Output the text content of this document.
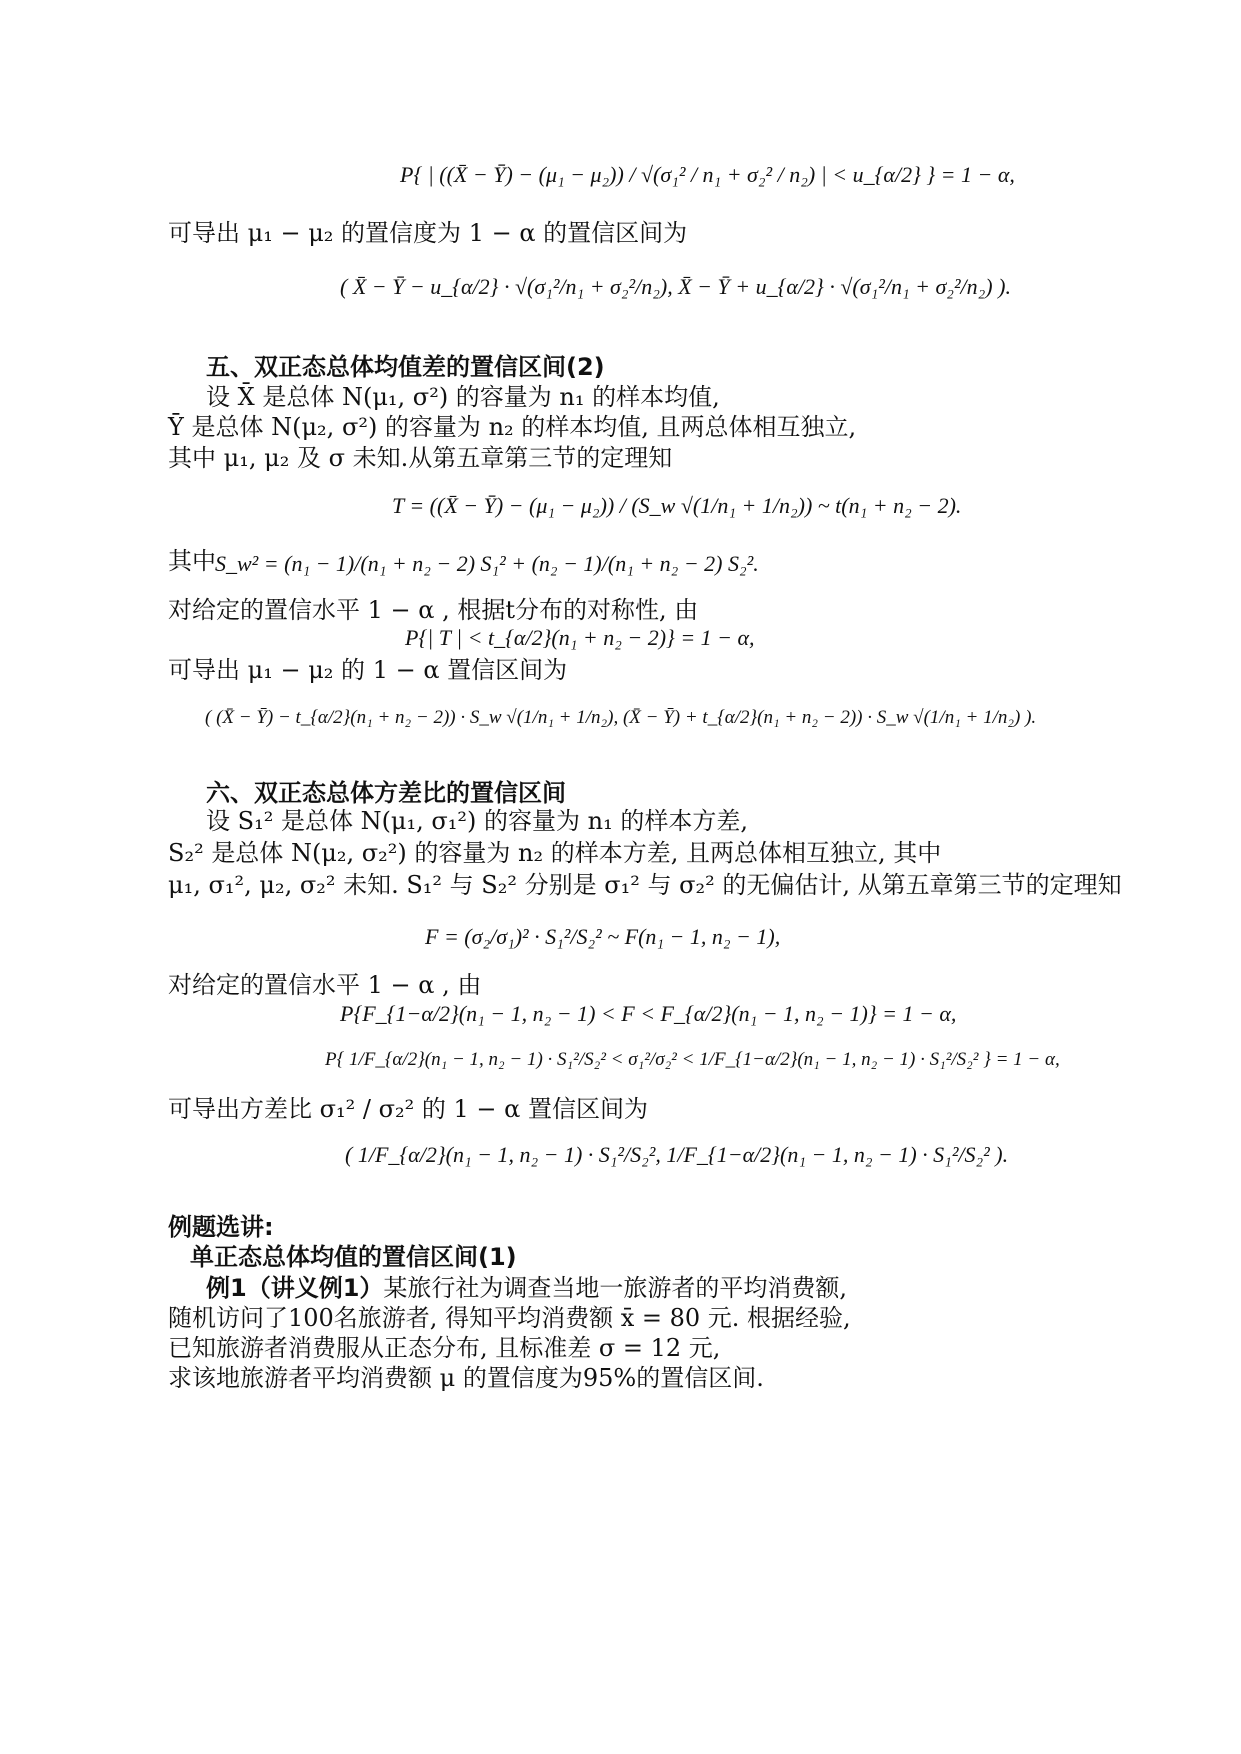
P{ | ((X̄ − Ȳ) − (μ₁ − μ₂)) / √(σ₁² / n₁ + σ₂² / n₂) | < u_{α/2} } = 1 − α,
可导出 μ₁ − μ₂ 的置信度为 1 − α 的置信区间为
( X̄ − Ȳ − u_{α/2} · √(σ₁²/n₁ + σ₂²/n₂), X̄ − Ȳ + u_{α/2} · √(σ₁²/n₁ + σ₂²/n₂) ).
五、双正态总体均值差的置信区间(2)
设 X̄ 是总体 N(μ₁, σ²) 的容量为 n₁ 的样本均值,
Ȳ 是总体 N(μ₂, σ²) 的容量为 n₂ 的样本均值, 且两总体相互独立,
其中 μ₁, μ₂ 及 σ 未知.从第五章第三节的定理知
T = ((X̄ − Ȳ) − (μ₁ − μ₂)) / (S_w √(1/n₁ + 1/n₂)) ~ t(n₁ + n₂ − 2).
其中 S_w² = (n₁ − 1)/(n₁ + n₂ − 2) S₁² + (n₂ − 1)/(n₁ + n₂ − 2) S₂².
对给定的置信水平 1 − α , 根据t分布的对称性, 由
P{| T | < t_{α/2}(n₁ + n₂ − 2)} = 1 − α,
可导出 μ₁ − μ₂ 的 1 − α 置信区间为
( (X̄ − Ȳ) − t_{α/2}(n₁ + n₂ − 2)) · S_w √(1/n₁ + 1/n₂), (X̄ − Ȳ) + t_{α/2}(n₁ + n₂ − 2)) · S_w √(1/n₁ + 1/n₂) ).
六、双正态总体方差比的置信区间
设 S₁² 是总体 N(μ₁, σ₁²) 的容量为 n₁ 的样本方差,
S₂² 是总体 N(μ₂, σ₂²) 的容量为 n₂ 的样本方差, 且两总体相互独立, 其中
μ₁, σ₁², μ₂, σ₂² 未知. S₁² 与 S₂² 分别是 σ₁² 与 σ₂² 的无偏估计, 从第五章第三节的定理知
F = (σ₂/σ₁)² · S₁²/S₂² ~ F(n₁ − 1, n₂ − 1),
对给定的置信水平 1 − α , 由
P{F_{1−α/2}(n₁ − 1, n₂ − 1) < F < F_{α/2}(n₁ − 1, n₂ − 1)} = 1 − α,
P{ 1/F_{α/2}(n₁ − 1, n₂ − 1) · S₁²/S₂² < σ₁²/σ₂² < 1/F_{1−α/2}(n₁ − 1, n₂ − 1) · S₁²/S₂² } = 1 − α,
可导出方差比 σ₁² / σ₂² 的 1 − α 置信区间为
( 1/F_{α/2}(n₁ − 1, n₂ − 1) · S₁²/S₂², 1/F_{1−α/2}(n₁ − 1, n₂ − 1) · S₁²/S₂² ).
例题选讲:
单正态总体均值的置信区间(1)
例1（讲义例1）某旅行社为调查当地一旅游者的平均消费额,
随机访问了100名旅游者, 得知平均消费额 x̄ = 80 元. 根据经验,
已知旅游者消费服从正态分布, 且标准差 σ = 12 元,
求该地旅游者平均消费额 μ 的置信度为95%的置信区间.
